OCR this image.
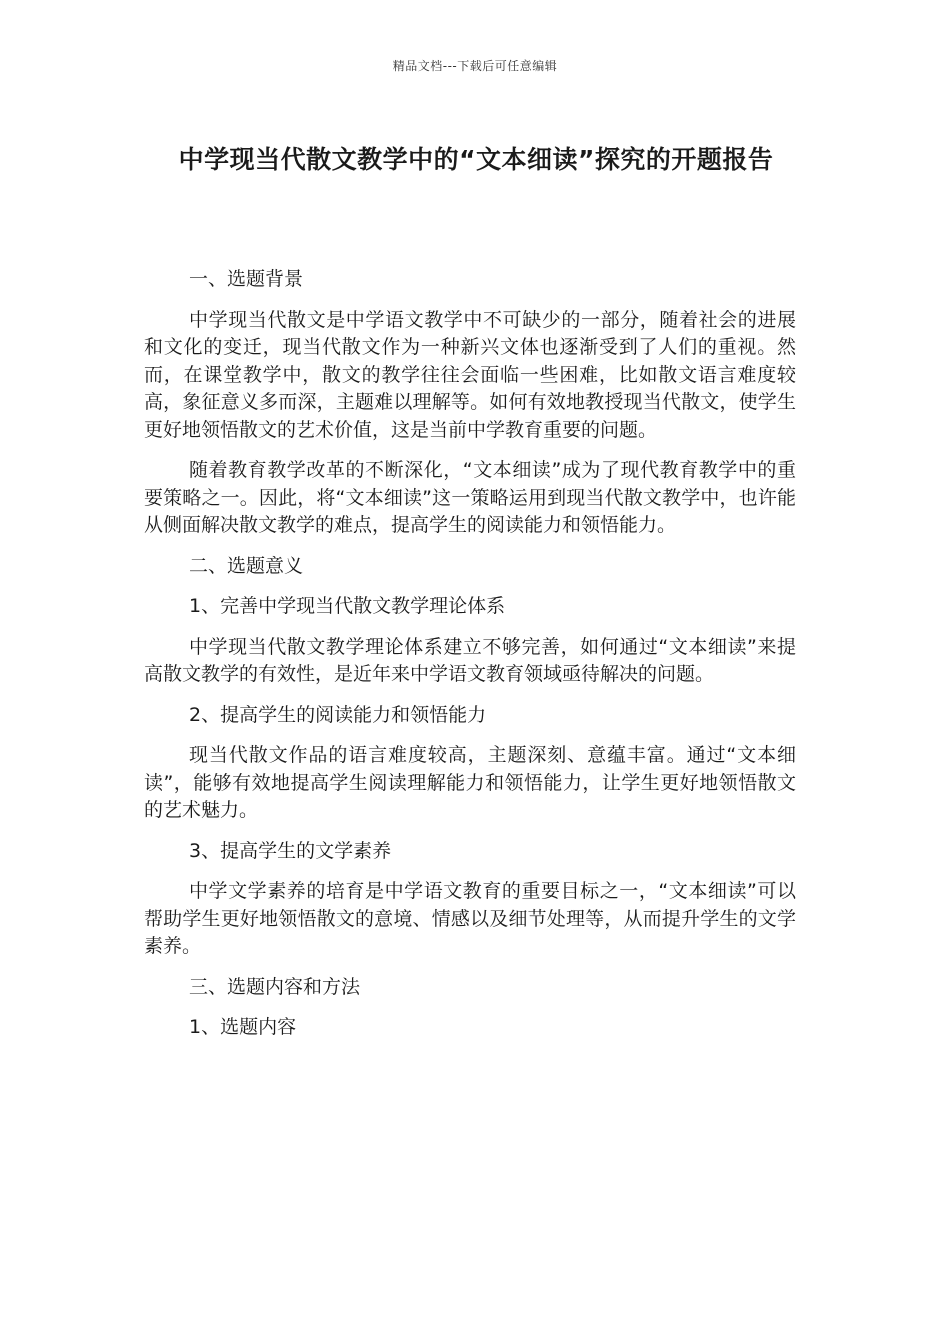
精品文档---下载后可任意编辑
中学现当代散文教学中的“文本细读”探究的开题报告
一、选题背景
中学现当代散文是中学语文教学中不可缺少的一部分，随着社会的进展和文化的变迁，现当代散文作为一种新兴文体也逐渐受到了人们的重视。然而，在课堂教学中，散文的教学往往会面临一些困难，比如散文语言难度较高，象征意义多而深，主题难以理解等。如何有效地教授现当代散文，使学生更好地领悟散文的艺术价值，这是当前中学教育重要的问题。
随着教育教学改革的不断深化，“文本细读”成为了现代教育教学中的重要策略之一。因此，将“文本细读”这一策略运用到现当代散文教学中，也许能从侧面解决散文教学的难点，提高学生的阅读能力和领悟能力。
二、选题意义
1、完善中学现当代散文教学理论体系
中学现当代散文教学理论体系建立不够完善，如何通过“文本细读”来提高散文教学的有效性，是近年来中学语文教育领域亟待解决的问题。
2、提高学生的阅读能力和领悟能力
现当代散文作品的语言难度较高，主题深刻、意蕴丰富。通过“文本细读”，能够有效地提高学生阅读理解能力和领悟能力，让学生更好地领悟散文的艺术魅力。
3、提高学生的文学素养
中学文学素养的培育是中学语文教育的重要目标之一，“文本细读”可以帮助学生更好地领悟散文的意境、情感以及细节处理等，从而提升学生的文学素养。
三、选题内容和方法
1、选题内容
